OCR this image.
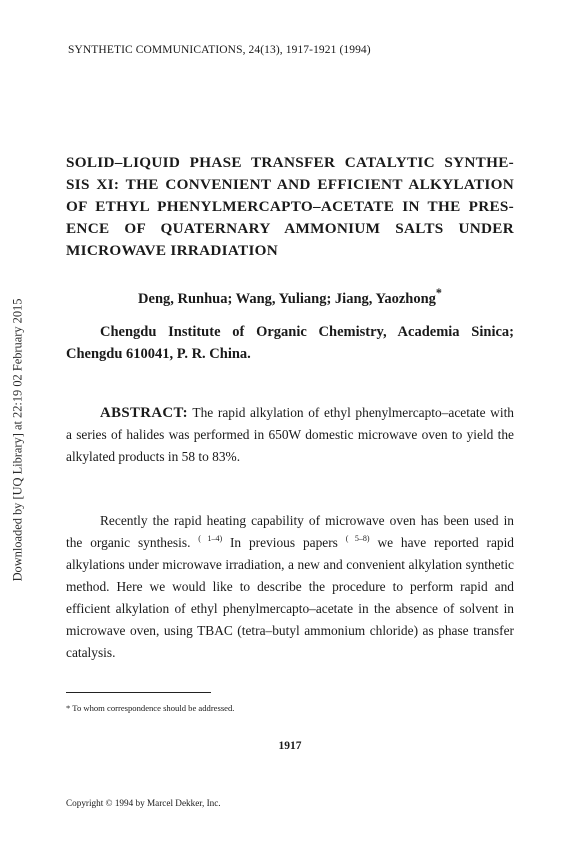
Downloaded by [UQ Library] at 22:19 02 February 2015
SYNTHETIC COMMUNICATIONS, 24(13), 1917-1921 (1994)
SOLID–LIQUID PHASE TRANSFER CATALYTIC SYNTHE-SIS XI: THE CONVENIENT AND EFFICIENT ALKYLATION OF ETHYL PHENYLMERCAPTO–ACETATE IN THE PRES-ENCE OF QUATERNARY AMMONIUM SALTS UNDER MICROWAVE IRRADIATION
Deng, Runhua; Wang, Yuliang; Jiang, Yaozhong*
Chengdu Institute of Organic Chemistry, Academia Sinica; Chengdu 610041, P. R. China.
ABSTRACT: The rapid alkylation of ethyl phenylmercapto–acetate with a series of halides was performed in 650W domestic microwave oven to yield the alkylated products in 58 to 83%.
Recently the rapid heating capability of microwave oven has been used in the organic synthesis. $^{( 1-4)}$ In previous papers $^{( 5-8)}$ we have reported rapid alkylations under microwave irradiation, a new and convenient alkylation synthetic method. Here we would like to describe the procedure to perform rapid and efficient alkylation of ethyl phenylmercapto–acetate in the absence of solvent in microwave oven, using TBAC (tetra–butyl ammonium chloride) as phase transfer catalysis.
* To whom correspondence should be addressed.
1917
Copyright © 1994 by Marcel Dekker, Inc.
